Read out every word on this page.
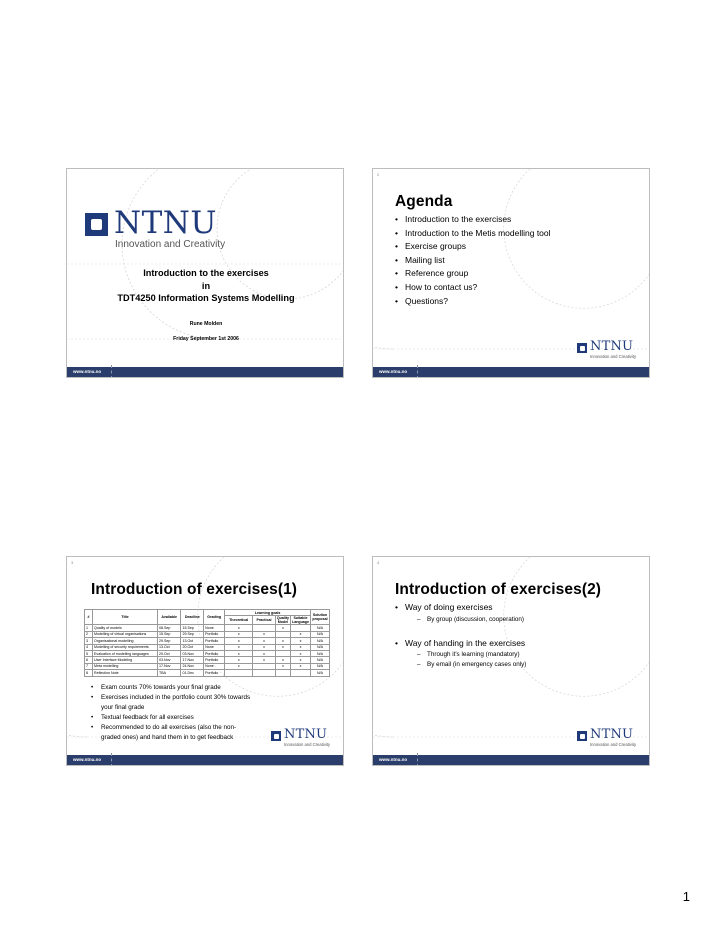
NTNU
Innovation and Creativity
Introduction to the exercises
in
TDT4250 Information Systems Modelling
Rune Molden
Friday September 1st 2006
www.ntnu.no
2
Agenda
• Introduction to the exercises
• Introduction to the Metis modelling tool
• Exercise groups
• Mailing list
• Reference group
• How to contact us?
• Questions?
NTNU
Innovation and Creativity
www.ntnu.no
3
Introduction of exercises(1)
#	Title	Available	Deadline	Grading	Learning goals				Solution proposal
					Theoretical	Practical	Quality Model	Suitable Language	
1	Quality of models	08.Sep	15.Sep	None	x		x		N/A
2	Modelling of virtual organisations	15.Sep	29.Sep	Portfolio	x	x		x	N/A
3	Organisational modelling	29.Sep	13.Oct	Portfolio	x	x	x	x	N/A
4	Modelling of security requirements	13.Oct	20.Oct	None	x	x	x	x	N/A
5	Evaluation of modelling languages	20.Oct	03.Nov	Portfolio	x	x		x	N/A
6	User Interface Modeling	03.Nov	17.Nov	Portfolio	x	x	x	x	N/A
7	Meta modelling	17.Nov	24.Nov	None	x		x	x	N/A
8	Reflection Note	TBA	01.Dec	Portfolio					N/A
• Exam counts 70% towards your final grade
• Exercises included in the portfolio count 30% towards your final grade
• Textual feedback for all exercises
• Recommended to do all exercises (also the non-graded ones) and hand them in to get feedback	NTNU
Innovation and Creativity
www.ntnu.no
4
Introduction of exercises(2)
• Way of doing exercises
– By group (discussion, cooperation)
• Way of handing in the exercises
– Through it's learning (mandatory)
– By email (in emergency cases only)
NTNU
Innovation and Creativity
www.ntnu.no
1
